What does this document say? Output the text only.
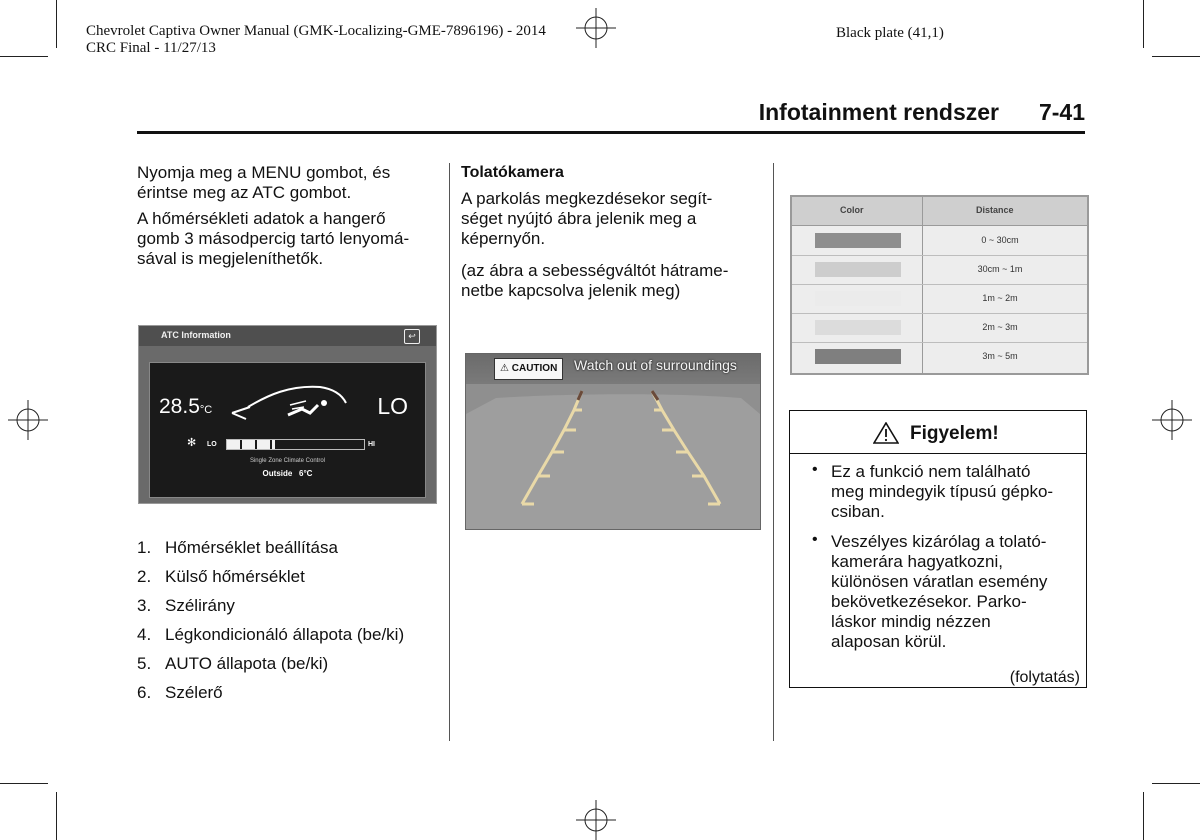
Chevrolet Captiva Owner Manual (GMK-Localizing-GME-7896196) - 2014
CRC Final - 11/27/13
Black plate (41,1)
Infotainment rendszer 7-41

Nyomja meg a MENU gombot, és
érintse meg az ATC gombot.

A hőmérsékleti adatok a hangerő
gomb 3 másodpercig tartó lenyomá-
sával is megjeleníthetők.

ATC Information	↩
28.5°C	LO
✻ LO	HI
Single Zone Climate Control
Outside 6°C
1. Hőmérséklet beállítása
2. Külső hőmérséklet
3. Szélirány
4. Légkondicionáló állapota (be/ki)
5. AUTO állapota (be/ki)
6. Szélerő
Tolatókamera

A parkolás megkezdésekor segít-
séget nyújtó ábra jelenik meg a
képernyőn.

(az ábra a sebességváltót hátrame-
netbe kapcsolva jelenik meg)

⚠ CAUTION	Watch out of surroundings
Color	Distance
0 ~ 30cm
30cm ~ 1m
1m ~ 2m
2m ~ 3m
3m ~ 5m
Figyelem!
• Ez a funkció nem található
meg mindegyik típusú gépko-
csiban.
• Veszélyes kizárólag a tolató-
kamerára hagyatkozni,
különösen váratlan esemény
bekövetkezésekor. Parko-
láskor mindig nézzen
alaposan körül.
(folytatás)
